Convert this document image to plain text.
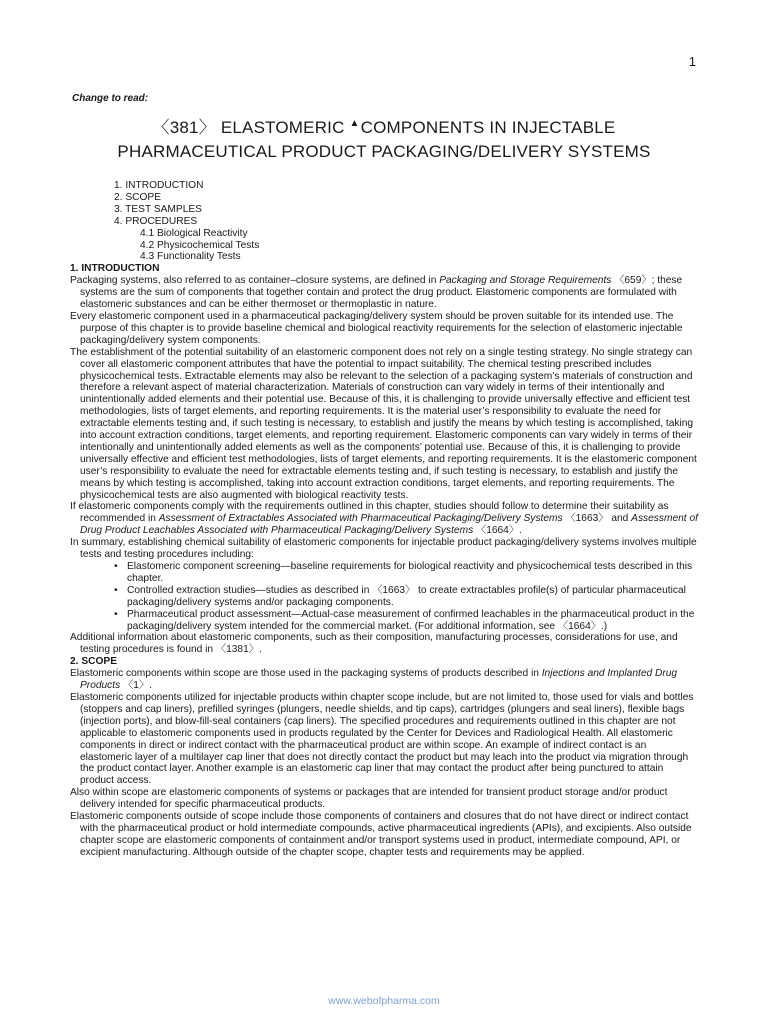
1
Change to read:
〈381〉 ELASTOMERIC ▲COMPONENTS IN INJECTABLE
PHARMACEUTICAL PRODUCT PACKAGING/DELIVERY SYSTEMS
1. INTRODUCTION
2. SCOPE
3. TEST SAMPLES
4. PROCEDURES
4.1 Biological Reactivity
4.2 Physicochemical Tests
4.3 Functionality Tests

1. INTRODUCTION

Packaging systems, also referred to as container–closure systems, are defined in Packaging and Storage Requirements 〈659〉; these systems are the sum of components that together contain and protect the drug product. Elastomeric components are formulated with elastomeric substances and can be either thermoset or thermoplastic in nature.

Every elastomeric component used in a pharmaceutical packaging/delivery system should be proven suitable for its intended use. The purpose of this chapter is to provide baseline chemical and biological reactivity requirements for the selection of elastomeric injectable packaging/delivery system components.

The establishment of the potential suitability of an elastomeric component does not rely on a single testing strategy. No single strategy can cover all elastomeric component attributes that have the potential to impact suitability. The chemical testing prescribed includes physicochemical tests. Extractable elements may also be relevant to the selection of a packaging system’s materials of construction and therefore a relevant aspect of material characterization. Materials of construction can vary widely in terms of their intentionally and unintentionally added elements and their potential use. Because of this, it is challenging to provide universally effective and efficient test methodologies, lists of target elements, and reporting requirements. It is the material user’s responsibility to evaluate the need for extractable elements testing and, if such testing is necessary, to establish and justify the means by which testing is accomplished, taking into account extraction conditions, target elements, and reporting requirement. Elastomeric components can vary widely in terms of their intentionally and unintentionally added elements as well as the components’ potential use. Because of this, it is challenging to provide universally effective and efficient test methodologies, lists of target elements, and reporting requirements. It is the elastomeric component user’s responsibility to evaluate the need for extractable elements testing and, if such testing is necessary, to establish and justify the means by which testing is accomplished, taking into account extraction conditions, target elements, and reporting requirements. The physicochemical tests are also augmented with biological reactivity tests.

If elastomeric components comply with the requirements outlined in this chapter, studies should follow to determine their suitability as recommended in Assessment of Extractables Associated with Pharmaceutical Packaging/Delivery Systems 〈1663〉 and Assessment of Drug Product Leachables Associated with Pharmaceutical Packaging/Delivery Systems 〈1664〉.

In summary, establishing chemical suitability of elastomeric components for injectable product packaging/delivery systems involves multiple tests and testing procedures including:

• Elastomeric component screening—baseline requirements for biological reactivity and physicochemical tests described in this chapter.
• Controlled extraction studies—studies as described in 〈1663〉 to create extractables profile(s) of particular pharmaceutical packaging/delivery systems and/or packaging components.
• Pharmaceutical product assessment—Actual-case measurement of confirmed leachables in the pharmaceutical product in the packaging/delivery system intended for the commercial market. (For additional information, see 〈1664〉.)

Additional information about elastomeric components, such as their composition, manufacturing processes, considerations for use, and testing procedures is found in 〈1381〉.

2. SCOPE

Elastomeric components within scope are those used in the packaging systems of products described in Injections and Implanted Drug Products 〈1〉.

Elastomeric components utilized for injectable products within chapter scope include, but are not limited to, those used for vials and bottles (stoppers and cap liners), prefilled syringes (plungers, needle shields, and tip caps), cartridges (plungers and seal liners), flexible bags (injection ports), and blow-fill-seal containers (cap liners). The specified procedures and requirements outlined in this chapter are not applicable to elastomeric components used in products regulated by the Center for Devices and Radiological Health. All elastomeric components in direct or indirect contact with the pharmaceutical product are within scope. An example of indirect contact is an elastomeric layer of a multilayer cap liner that does not directly contact the product but may leach into the product via migration through the product contact layer. Another example is an elastomeric cap liner that may contact the product after being punctured to attain product access.

Also within scope are elastomeric components of systems or packages that are intended for transient product storage and/or product delivery intended for specific pharmaceutical products.

Elastomeric components outside of scope include those components of containers and closures that do not have direct or indirect contact with the pharmaceutical product or hold intermediate compounds, active pharmaceutical ingredients (APIs), and excipients. Also outside chapter scope are elastomeric components of containment and/or transport systems used in product, intermediate compound, API, or excipient manufacturing. Although outside of the chapter scope, chapter tests and requirements may be applied.

www.webofpharma.com
